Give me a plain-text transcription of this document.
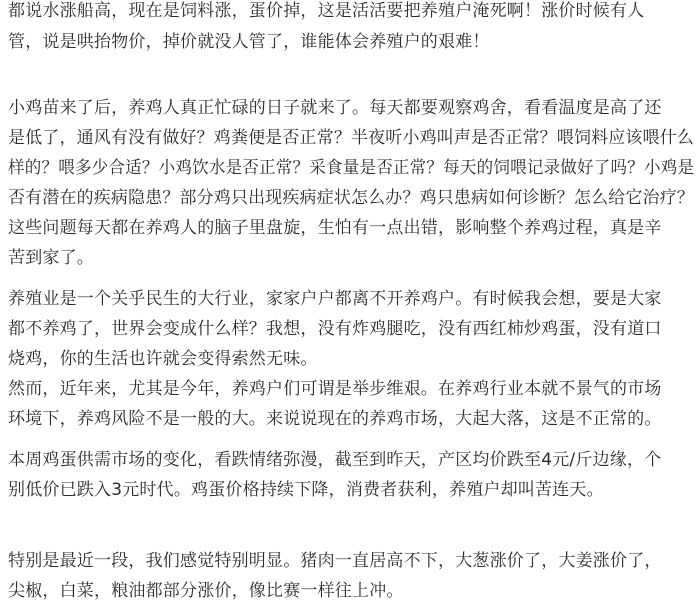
都说水涨船高，现在是饲料涨，蛋价掉，这是活活要把养殖户淹死啊！涨价时候有人
管，说是哄抬物价，掉价就没人管了，谁能体会养殖户的艰难！
小鸡苗来了后，养鸡人真正忙碌的日子就来了。每天都要观察鸡舍，看看温度是高了还
是低了，通风有没有做好？鸡粪便是否正常？半夜听小鸡叫声是否正常？喂饲料应该喂什么
样的？喂多少合适？小鸡饮水是否正常？采食量是否正常？每天的饲喂记录做好了吗？小鸡是
否有潜在的疾病隐患？部分鸡只出现疾病症状怎么办？鸡只患病如何诊断？怎么给它治疗？
这些问题每天都在养鸡人的脑子里盘旋，生怕有一点出错，影响整个养鸡过程，真是辛
苦到家了。
养殖业是一个关乎民生的大行业，家家户户都离不开养鸡户。有时候我会想，要是大家
都不养鸡了，世界会变成什么样？我想，没有炸鸡腿吃，没有西红柿炒鸡蛋，没有道口
烧鸡，你的生活也许就会变得索然无味。
然而，近年来，尤其是今年，养鸡户们可谓是举步维艰。在养鸡行业本就不景气的市场
环境下，养鸡风险不是一般的大。来说说现在的养鸡市场，大起大落，这是不正常的。
本周鸡蛋供需市场的变化，看跌情绪弥漫，截至到昨天，产区均价跌至4元/斤边缘，个
别低价已跌入3元时代。鸡蛋价格持续下降，消费者获利，养殖户却叫苦连天。
特别是最近一段，我们感觉特别明显。猪肉一直居高不下，大葱涨价了，大姜涨价了，
尖椒，白菜，粮油都部分涨价，像比赛一样往上冲。
